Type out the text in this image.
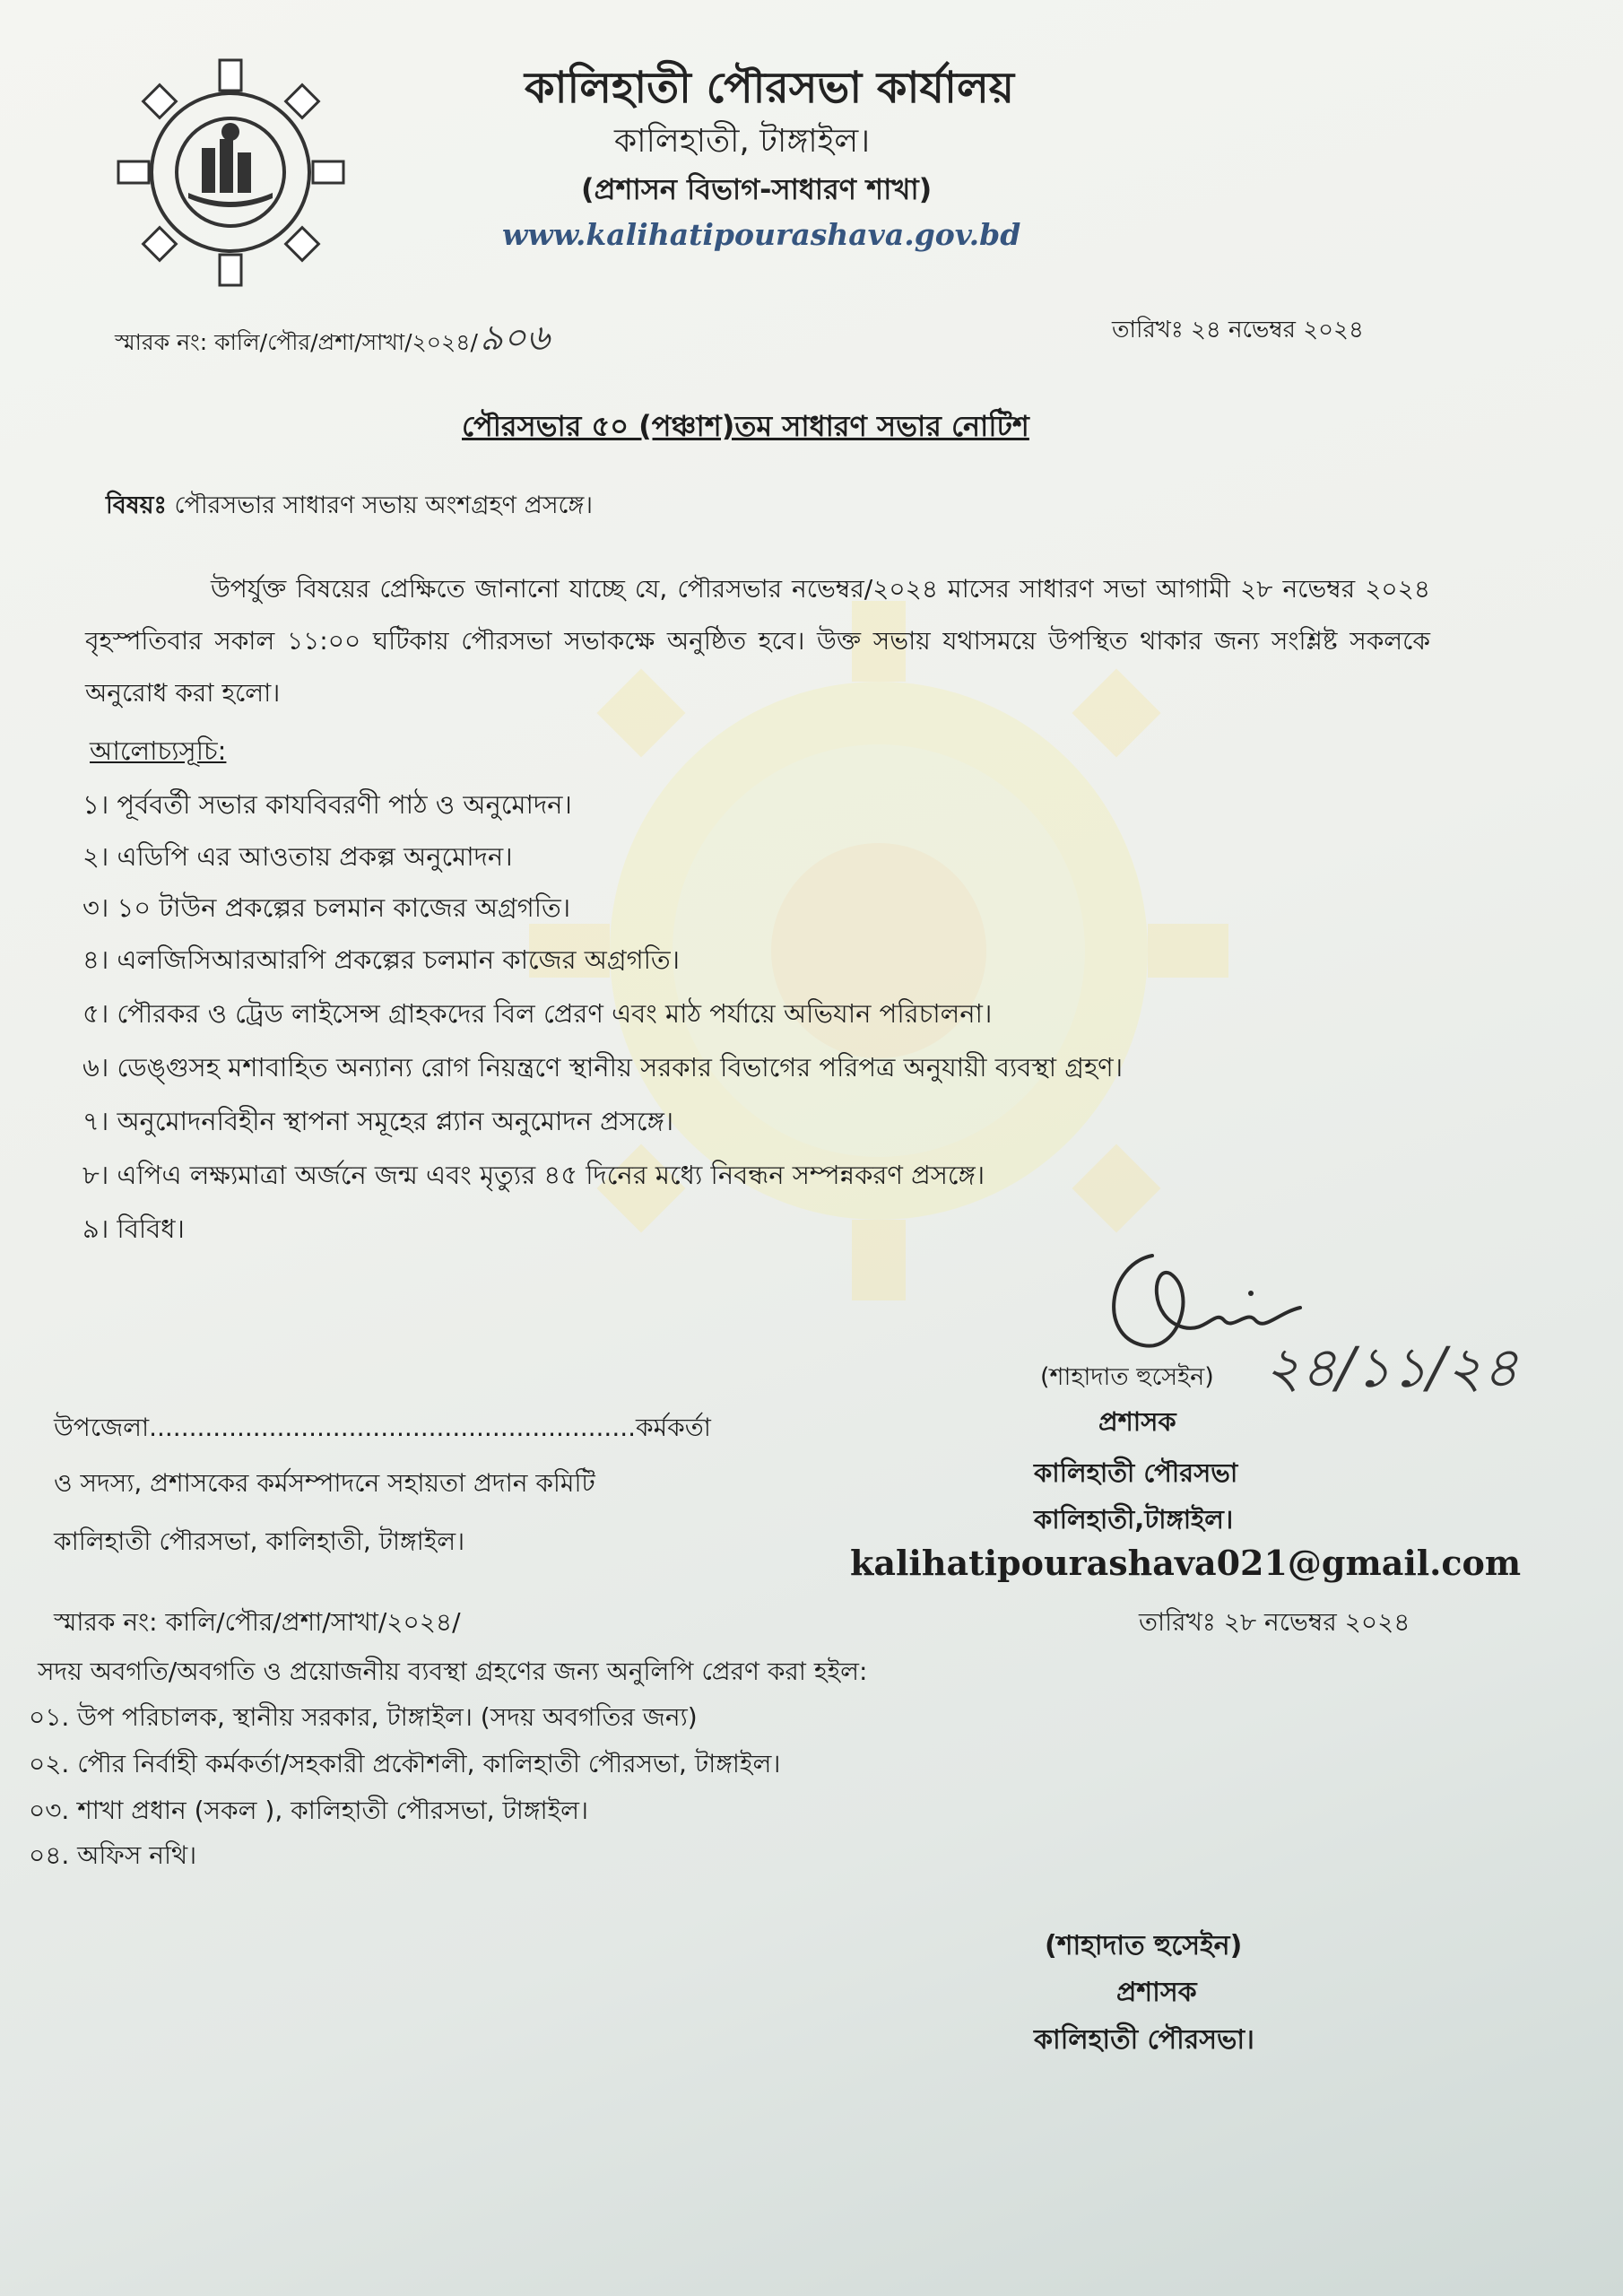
কালিহাতী পৌরসভা কার্যালয়
কালিহাতী, টাঙ্গাইল।
(প্রশাসন বিভাগ-সাধারণ শাখা)
www.kalihatipourashava.gov.bd
স্মারক নং: কালি/পৌর/প্রশা/সাখা/২০২৪/৯০৬	তারিখঃ ২৪ নভেম্বর ২০২৪
পৌরসভার ৫০ (পঞ্চাশ)তম সাধারণ সভার নোটিশ
বিষয়ঃ পৌরসভার সাধারণ সভায় অংশগ্রহণ প্রসঙ্গে।
উপর্যুক্ত বিষয়ের প্রেক্ষিতে জানানো যাচ্ছে যে, পৌরসভার নভেম্বর/২০২৪ মাসের সাধারণ সভা আগামী ২৮ নভেম্বর ২০২৪ বৃহস্পতিবার সকাল ১১:০০ ঘটিকায় পৌরসভা সভাকক্ষে অনুষ্ঠিত হবে। উক্ত সভায় যথাসময়ে উপস্থিত থাকার জন্য সংশ্লিষ্ট সকলকে অনুরোধ করা হলো।
আলোচ্যসূচি:
১। পূর্ববর্তী সভার কাযবিবরণী পাঠ ও অনুমোদন।
২। এডিপি এর আওতায় প্রকল্প অনুমোদন।
৩। ১০ টাউন প্রকল্পের চলমান কাজের অগ্রগতি।
৪। এলজিসিআরআরপি প্রকল্পের চলমান কাজের অগ্রগতি।
৫। পৌরকর ও ট্রেড লাইসেন্স গ্রাহকদের বিল প্রেরণ এবং মাঠ পর্যায়ে অভিযান পরিচালনা।
৬। ডেঙ্গুসহ মশাবাহিত অন্যান্য রোগ নিয়ন্ত্রণে স্থানীয় সরকার বিভাগের পরিপত্র অনুযায়ী ব্যবস্থা গ্রহণ।
৭। অনুমোদনবিহীন স্থাপনা সমূহের প্ল্যান অনুমোদন প্রসঙ্গে।
৮। এপিএ লক্ষ্যমাত্রা অর্জনে জন্ম এবং মৃত্যুর ৪৫ দিনের মধ্যে নিবন্ধন সম্পন্নকরণ প্রসঙ্গে।
৯। বিবিধ।
২৪/১১/২৪
(শাহাদাত হুসেইন)
প্রশাসক
কালিহাতী পৌরসভা
কালিহাতী,টাঙ্গাইল।
kalihatipourashava021@gmail.com
উপজেলা.............................................................কর্মকর্তা
ও সদস্য, প্রশাসকের কর্মসম্পাদনে সহায়তা প্রদান কমিটি
কালিহাতী পৌরসভা, কালিহাতী, টাঙ্গাইল।
স্মারক নং: কালি/পৌর/প্রশা/সাখা/২০২৪/	তারিখঃ ২৮ নভেম্বর ২০২৪
সদয় অবগতি/অবগতি ও প্রয়োজনীয় ব্যবস্থা গ্রহণের জন্য অনুলিপি প্রেরণ করা হইল:
০১. উপ পরিচালক, স্থানীয় সরকার, টাঙ্গাইল। (সদয় অবগতির জন্য)
০২. পৌর নির্বাহী কর্মকর্তা/সহকারী প্রকৌশলী, কালিহাতী পৌরসভা, টাঙ্গাইল।
০৩. শাখা প্রধান (সকল ), কালিহাতী পৌরসভা, টাঙ্গাইল।
০৪. অফিস নথি।
(শাহাদাত হুসেইন)
প্রশাসক
কালিহাতী পৌরসভা।
